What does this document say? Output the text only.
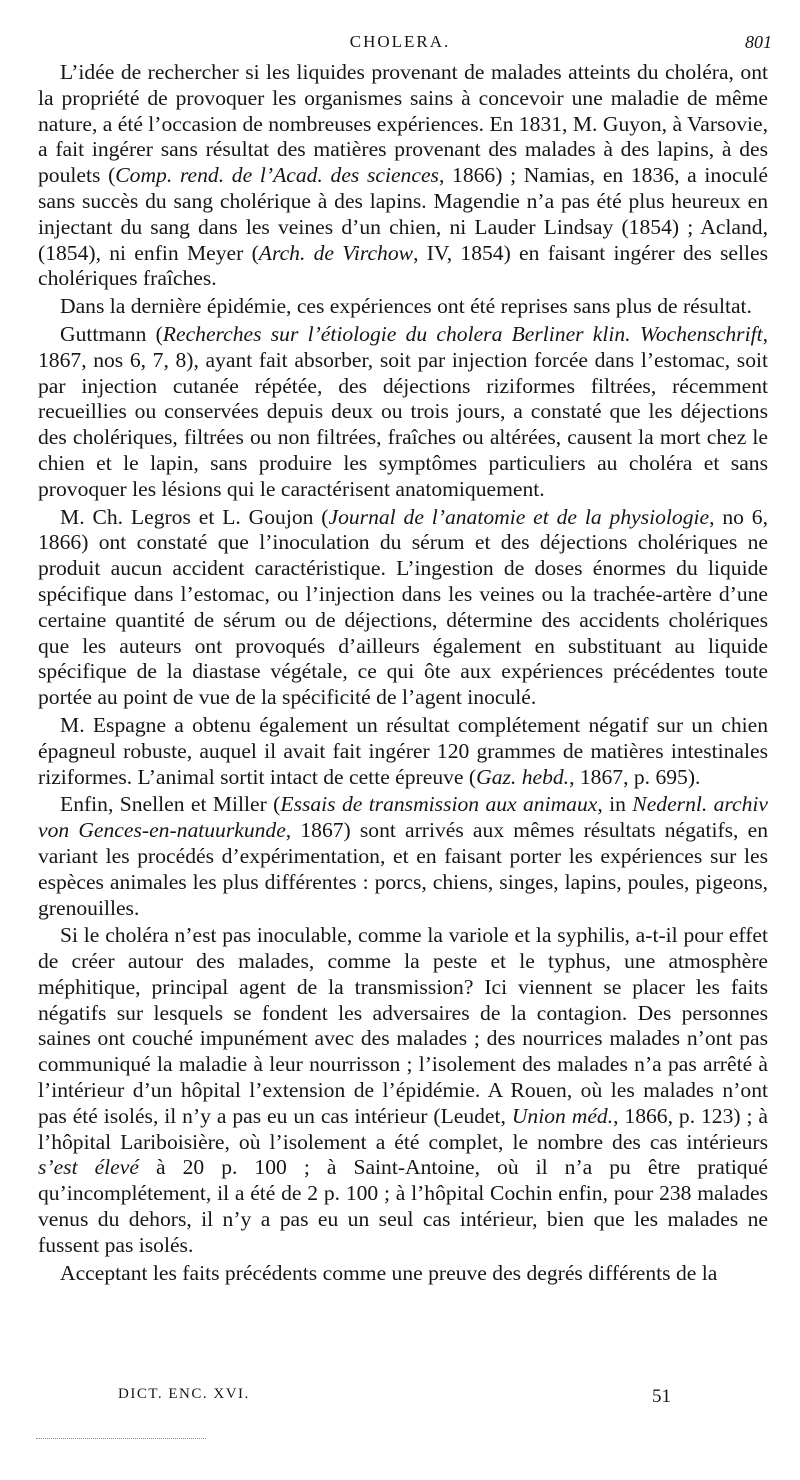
CHOLERA.	801

L’idée de rechercher si les liquides provenant de malades atteints du choléra, ont la propriété de provoquer les organismes sains à concevoir une maladie de même nature, a été l’occasion de nombreuses expériences. En 1831, M. Guyon, à Varsovie, a fait ingérer sans résultat des matières provenant des malades à des lapins, à des poulets (Comp. rend. de l’Acad. des sciences, 1866) ; Namias, en 1836, a inoculé sans succès du sang cholérique à des lapins. Magendie n’a pas été plus heureux en injectant du sang dans les veines d’un chien, ni Lauder Lindsay (1854) ; Acland, (1854), ni enfin Meyer (Arch. de Virchow, IV, 1854) en faisant ingérer des selles cholériques fraîches.

Dans la dernière épidémie, ces expériences ont été reprises sans plus de résultat.

Guttmann (Recherches sur l’étiologie du cholera Berliner klin. Wochenschrift, 1867, nos 6, 7, 8), ayant fait absorber, soit par injection forcée dans l’estomac, soit par injection cutanée répétée, des déjections riziformes filtrées, récemment recueillies ou conservées depuis deux ou trois jours, a constaté que les déjections des cholériques, filtrées ou non filtrées, fraîches ou altérées, causent la mort chez le chien et le lapin, sans produire les symptômes particuliers au choléra et sans provoquer les lésions qui le caractérisent anatomiquement.

M. Ch. Legros et L. Goujon (Journal de l’anatomie et de la physiologie, no 6, 1866) ont constaté que l’inoculation du sérum et des déjections cholériques ne produit aucun accident caractéristique. L’ingestion de doses énormes du liquide spécifique dans l’estomac, ou l’injection dans les veines ou la trachée-artère d’une certaine quantité de sérum ou de déjections, détermine des accidents cholériques que les auteurs ont provoqués d’ailleurs également en substituant au liquide spécifique de la diastase végétale, ce qui ôte aux expériences précédentes toute portée au point de vue de la spécificité de l’agent inoculé.

M. Espagne a obtenu également un résultat complétement négatif sur un chien épagneul robuste, auquel il avait fait ingérer 120 grammes de matières intestinales riziformes. L’animal sortit intact de cette épreuve (Gaz. hebd., 1867, p. 695).

Enfin, Snellen et Miller (Essais de transmission aux animaux, in Nedernl. archiv von Gences-en-natuurkunde, 1867) sont arrivés aux mêmes résultats négatifs, en variant les procédés d’expérimentation, et en faisant porter les expériences sur les espèces animales les plus différentes : porcs, chiens, singes, lapins, poules, pigeons, grenouilles.

Si le choléra n’est pas inoculable, comme la variole et la syphilis, a-t-il pour effet de créer autour des malades, comme la peste et le typhus, une atmosphère méphitique, principal agent de la transmission? Ici viennent se placer les faits négatifs sur lesquels se fondent les adversaires de la contagion. Des personnes saines ont couché impunément avec des malades ; des nourrices malades n’ont pas communiqué la maladie à leur nourrisson ; l’isolement des malades n’a pas arrêté à l’intérieur d’un hôpital l’extension de l’épidémie. A Rouen, où les malades n’ont pas été isolés, il n’y a pas eu un cas intérieur (Leudet, Union méd., 1866, p. 123) ; à l’hôpital Lariboisière, où l’isolement a été complet, le nombre des cas intérieurs s’est élevé à 20 p. 100 ; à Saint-Antoine, où il n’a pu être pratiqué qu’incomplétement, il a été de 2 p. 100 ; à l’hôpital Cochin enfin, pour 238 malades venus du dehors, il n’y a pas eu un seul cas intérieur, bien que les malades ne fussent pas isolés.

Acceptant les faits précédents comme une preuve des degrés différents de la

DICT. ENC. XVI.	51
